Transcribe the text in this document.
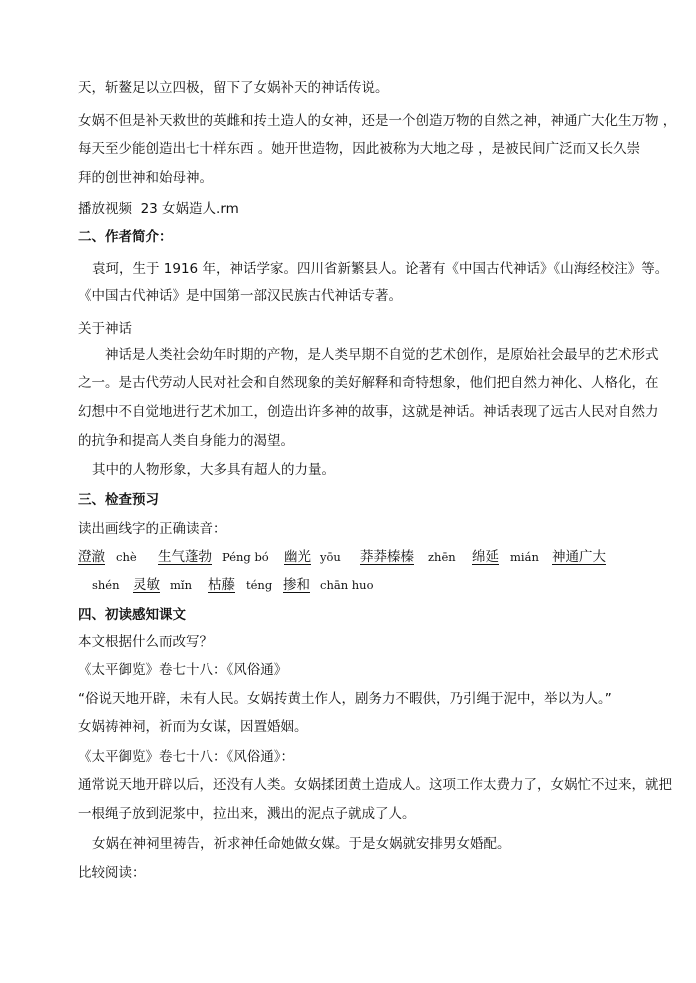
天，斩鳌足以立四极，留下了女娲补天的神话传说。
女娲不但是补天救世的英雌和抟土造人的女神，还是一个创造万物的自然之神，神通广大化生万物 ，
每天至少能创造出七十样东西 。她开世造物，因此被称为大地之母 ，是被民间广泛而又长久崇
拜的创世神和始母神。
播放视频  23 女娲造人.rm
二、作者简介：
袁珂，生于 1916 年，神话学家。四川省新繁县人。论著有《中国古代神话》《山海经校注》等。
《中国古代神话》是中国第一部汉民族古代神话专著。
关于神话
神话是人类社会幼年时期的产物，是人类早期不自觉的艺术创作，是原始社会最早的艺术形式
之一。是古代劳动人民对社会和自然现象的美好解释和奇特想象，他们把自然力神化、人格化，在
幻想中不自觉地进行艺术加工，创造出许多神的故事，这就是神话。神话表现了远古人民对自然力
的抗争和提高人类自身能力的渴望。
其中的人物形象，大多具有超人的力量。
三、检查预习
读出画线字的正确读音：
澄澈 chè 生气蓬勃 Péng bó 幽光 yōu 莽莽榛榛 zhēn 绵延 mián 神通广大
shén 灵敏 mǐn 枯藤 téng 掺和 chān huo
四、初读感知课文
本文根据什么而改写？
《太平御览》卷七十八：《风俗通》
“俗说天地开辟，未有人民。女娲抟黄土作人，剧务力不暇供，乃引绳于泥中，举以为人。”
女娲祷神祠，祈而为女谋，因置婚姻。
《太平御览》卷七十八：《风俗通》：
通常说天地开辟以后，还没有人类。女娲揉团黄土造成人。这项工作太费力了，女娲忙不过来，就把
一根绳子放到泥浆中，拉出来，溅出的泥点子就成了人。
女娲在神祠里祷告，祈求神任命她做女媒。于是女娲就安排男女婚配。
比较阅读：
